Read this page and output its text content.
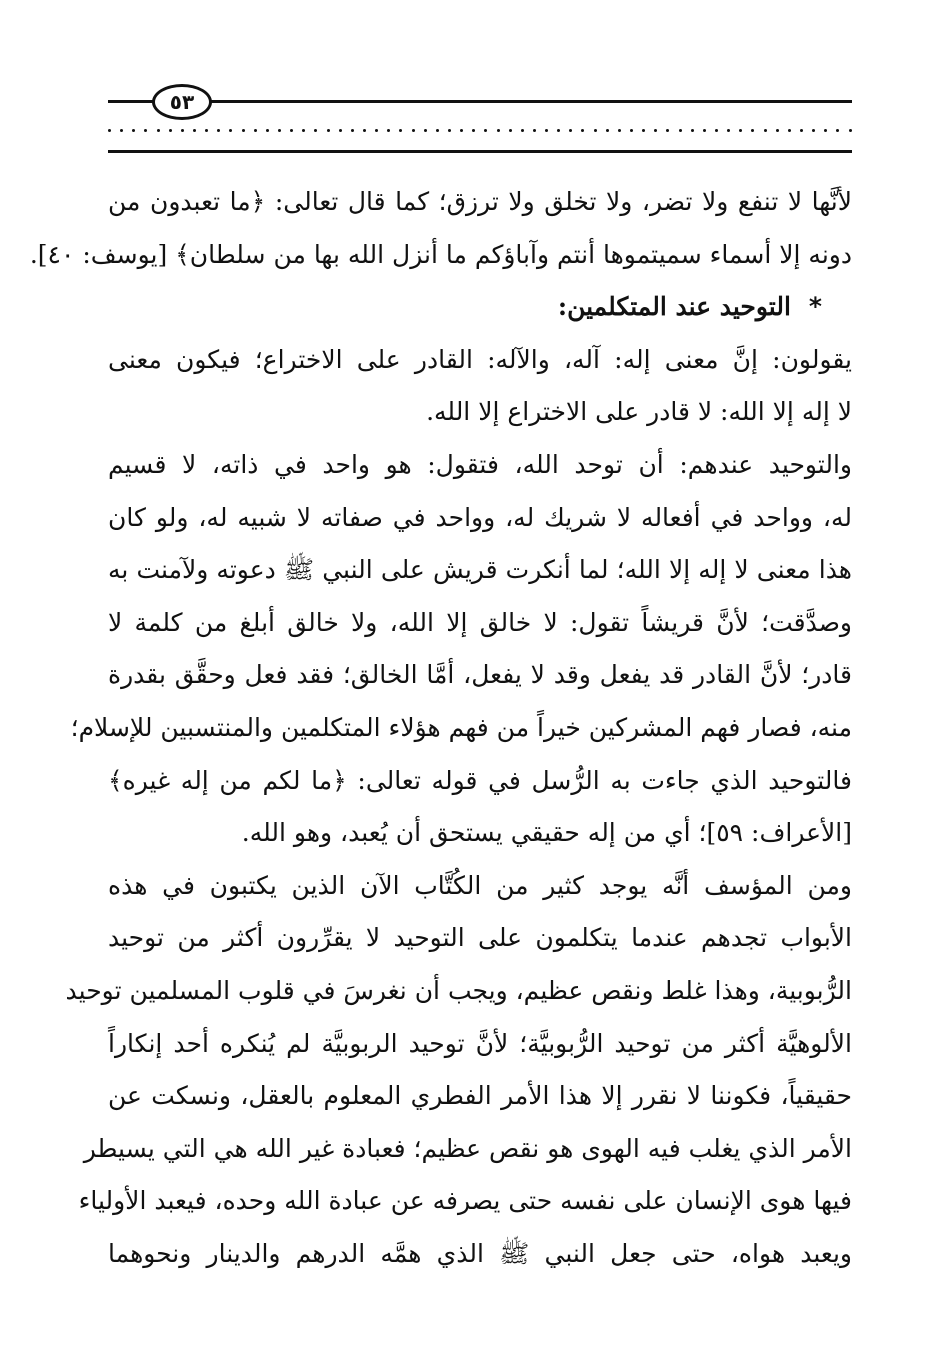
٥٣
لأنَّها لا تنفع ولا تضر، ولا تخلق ولا ترزق؛ كما قال تعالى: ﴿ما تعبدون من
دونه إلا أسماء سميتموها أنتم وآباؤكم ما أنزل الله بها من سلطان﴾ [يوسف: ٤٠].
*التوحيد عند المتكلمين:
يقولون: إنَّ معنى إله: آله، والآله: القادر على الاختراع؛ فيكون معنى
لا إله إلا الله: لا قادر على الاختراع إلا الله.
والتوحيد عندهم: أن توحد الله، فتقول: هو واحد في ذاته، لا قسيم
له، وواحد في أفعاله لا شريك له، وواحد في صفاته لا شبيه له، ولو كان
هذا معنى لا إله إلا الله؛ لما أنكرت قريش على النبي ﷺ دعوته ولآمنت به
وصدَّقت؛ لأنَّ قريشاً تقول: لا خالق إلا الله، ولا خالق أبلغ من كلمة لا
قادر؛ لأنَّ القادر قد يفعل وقد لا يفعل، أمَّا الخالق؛ فقد فعل وحقَّق بقدرة
منه، فصار فهم المشركين خيراً من فهم هؤلاء المتكلمين والمنتسبين للإسلام؛
فالتوحيد الذي جاءت به الرُّسل في قوله تعالى: ﴿ما لكم من إله غيره﴾
[الأعراف: ٥٩]؛ أي من إله حقيقي يستحق أن يُعبد، وهو الله.
ومن المؤسف أنَّه يوجد كثير من الكُتَّاب الآن الذين يكتبون في هذه
الأبواب تجدهم عندما يتكلمون على التوحيد لا يقرِّرون أكثر من توحيد
الرُّبوبية، وهذا غلط ونقص عظيم، ويجب أن نغرسَ في قلوب المسلمين توحيد
الألوهيَّة أكثر من توحيد الرُّبوبيَّة؛ لأنَّ توحيد الربوبيَّة لم يُنكره أحد إنكاراً
حقيقياً، فكوننا لا نقرر إلا هذا الأمر الفطري المعلوم بالعقل، ونسكت عن
الأمر الذي يغلب فيه الهوى هو نقص عظيم؛ فعبادة غير الله هي التي يسيطر
فيها هوى الإنسان على نفسه حتى يصرفه عن عبادة الله وحده، فيعبد الأولياء
ويعبد هواه، حتى جعل النبي ﷺ الذي همَّه الدرهم والدينار ونحوهما
